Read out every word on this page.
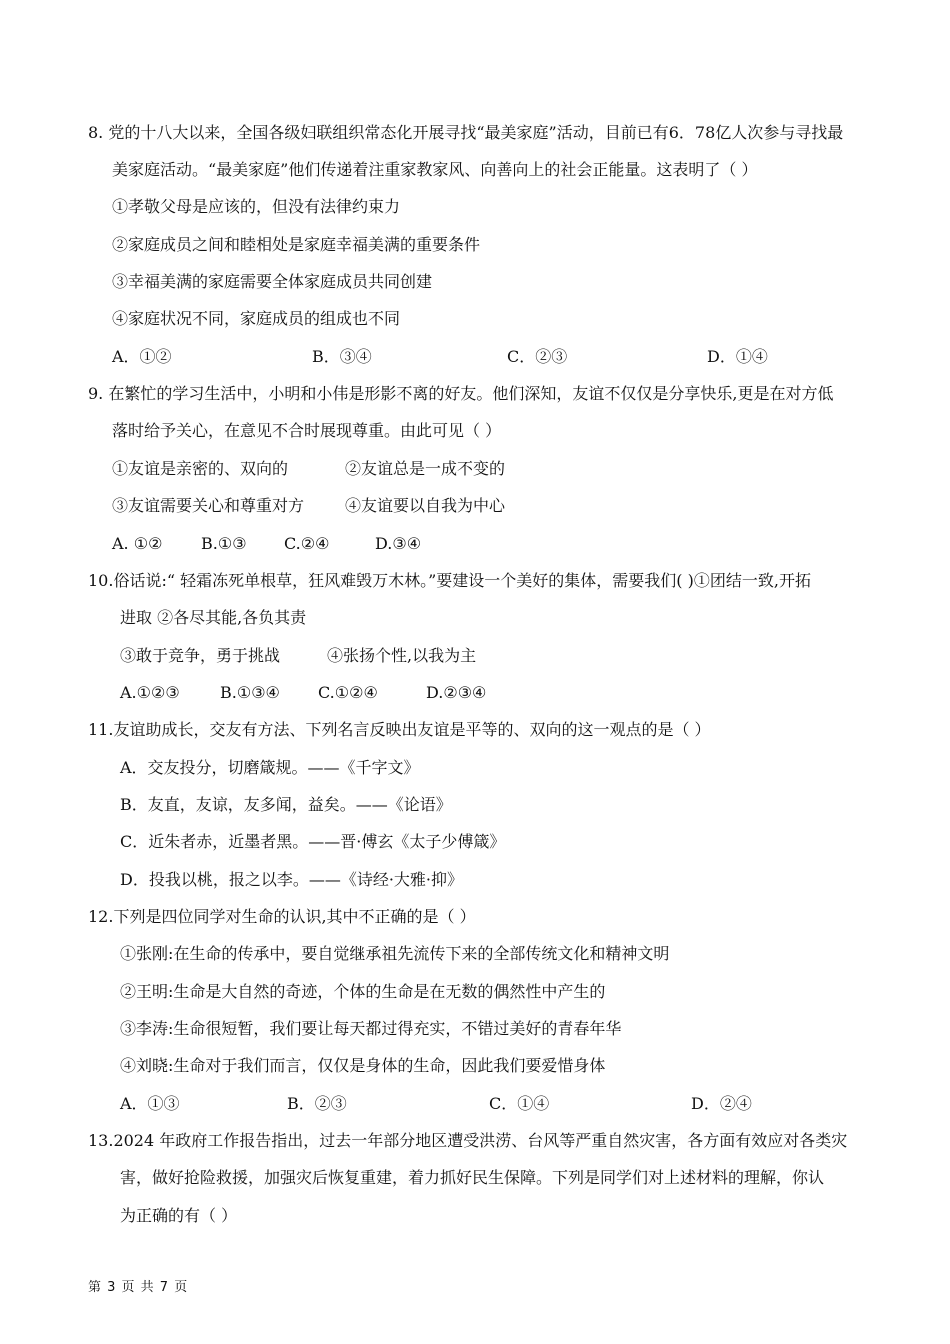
8. 党的十八大以来，全国各级妇联组织常态化开展寻找“最美家庭”活动，目前已有6．78亿人次参与寻找最
美家庭活动。“最美家庭”他们传递着注重家教家风、向善向上的社会正能量。这表明了（ ）
①孝敬父母是应该的，但没有法律约束力
②家庭成员之间和睦相处是家庭幸福美满的重要条件
③幸福美满的家庭需要全体家庭成员共同创建
④家庭状况不同，家庭成员的组成也不同
A．①②	B．③④	C．②③	D．①④
9. 在繁忙的学习生活中，小明和小伟是形影不离的好友。他们深知，友谊不仅仅是分享快乐,更是在对方低
落时给予关心，在意见不合时展现尊重。由此可见（ ）
①友谊是亲密的、双向的	②友谊总是一成不变的
③友谊需要关心和尊重对方	④友谊要以自我为中心
A. ①② B.①③ C.②④	D.③④
10.俗话说:“ 轻霜冻死单根草，狂风难毁万木林。”要建设一个美好的集体，需要我们( )①团结一致,开拓
进取 ②各尽其能,各负其责
③敢于竞争，勇于挑战	④张扬个性,以我为主
A.①②③	B.①③④ C.①②④	D.②③④
11.友谊助成长，交友有方法、下列名言反映出友谊是平等的、双向的这一观点的是（ ）
A．交友投分，切磨箴规。——《千字文》
B．友直，友谅，友多闻，益矣。——《论语》
C．近朱者赤，近墨者黑。——晋·傅玄《太子少傅箴》
D．投我以桃，报之以李。——《诗经·大雅·抑》
12.下列是四位同学对生命的认识,其中不正确的是（ ）
①张刚:在生命的传承中，要自觉继承祖先流传下来的全部传统文化和精神文明
②王明:生命是大自然的奇迹，个体的生命是在无数的偶然性中产生的
③李涛:生命很短暂，我们要让每天都过得充实，不错过美好的青春年华
④刘晓:生命对于我们而言，仅仅是身体的生命，因此我们要爱惜身体
A．①③	B．②③	C．①④	D．②④
13.2024 年政府工作报告指出，过去一年部分地区遭受洪涝、台风等严重自然灾害，各方面有效应对各类灾
害，做好抢险救援，加强灾后恢复重建，着力抓好民生保障。下列是同学们对上述材料的理解，你认
为正确的有（ ）
第 3 页 共 7 页
